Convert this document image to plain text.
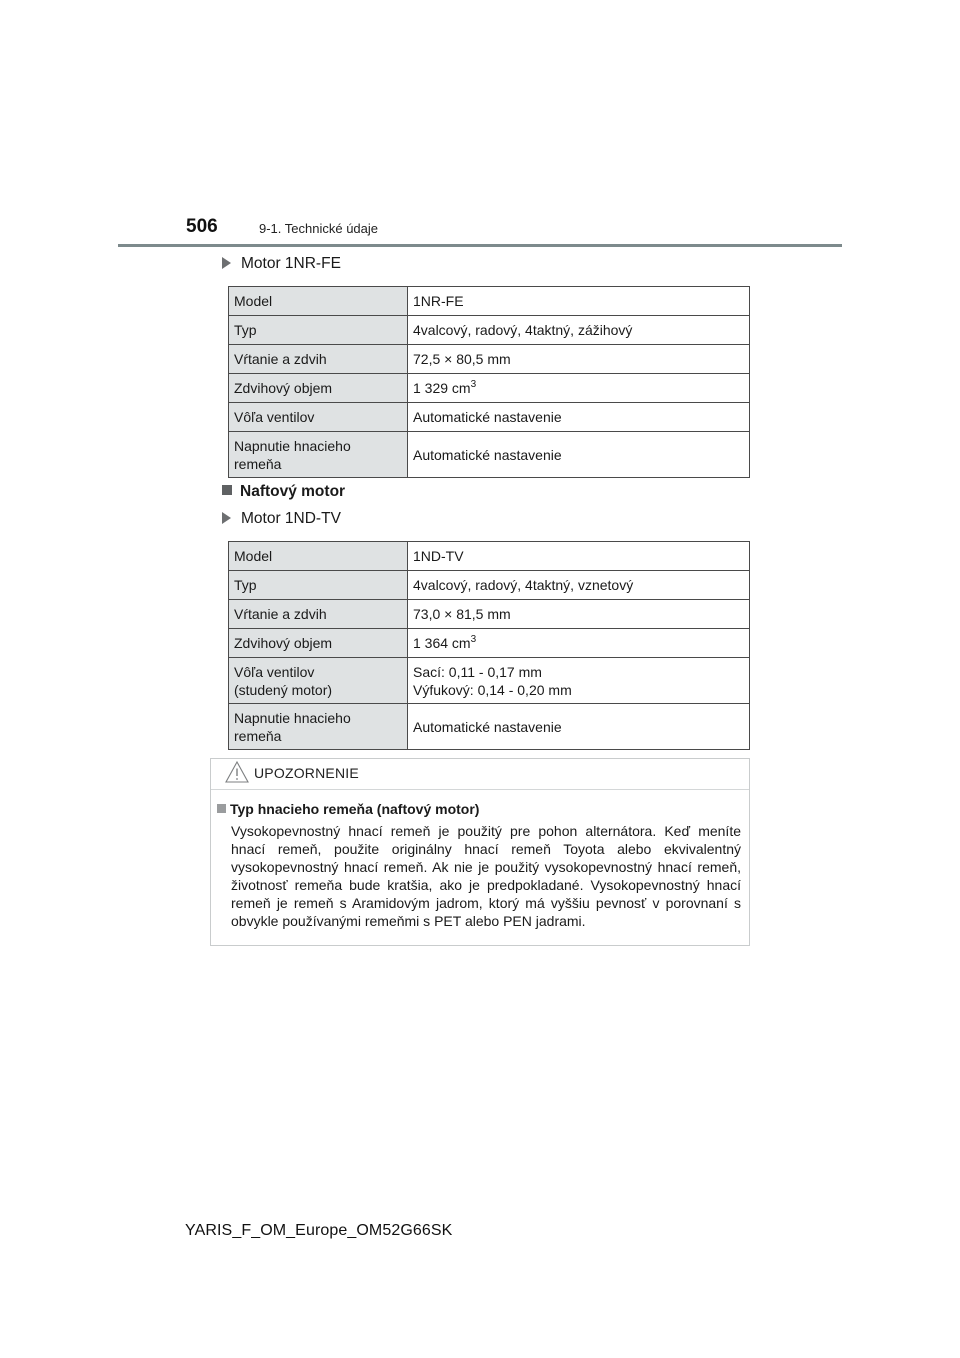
506	9-1. Technické údaje
Motor 1NR-FE
Model	1NR-FE
Typ	4valcový, radový, 4taktný, zážihový
Vŕtanie a zdvih	72,5 × 80,5 mm
Zdvihový objem	1 329 $cm^3$
Vôľa ventilov	Automatické nastavenie
Napnutie hnacieho
remeňa	Automatické nastavenie
Naftový motor
Motor 1ND-TV
Model	1ND-TV
Typ	4valcový, radový, 4taktný, vznetový
Vŕtanie a zdvih	73,0 × 81,5 mm
Zdvihový objem	1 364 $cm^3$
Vôľa ventilov
(studený motor)	Sací: 0,11 - 0,17 mm
Výfukový: 0,14 - 0,20 mm
Napnutie hnacieho
remeňa	Automatické nastavenie
UPOZORNENIE
Typ hnacieho remeňa (naftový motor)
Vysokopevnostný hnací remeň je použitý pre pohon alternátora. Keď meníte hnací remeň, použite originálny hnací remeň Toyota alebo ekvivalentný vysokopevnostný hnací remeň. Ak nie je použitý vysokopevnostný hnací remeň, životnosť remeňa bude kratšia, ako je predpokladané. Vysokopevnostný hnací remeň je remeň s Aramidovým jadrom, ktorý má vyššiu pevnosť v porovnaní s obvykle používanými remeňmi s PET alebo PEN jadrami.
YARIS_F_OM_Europe_OM52G66SK
